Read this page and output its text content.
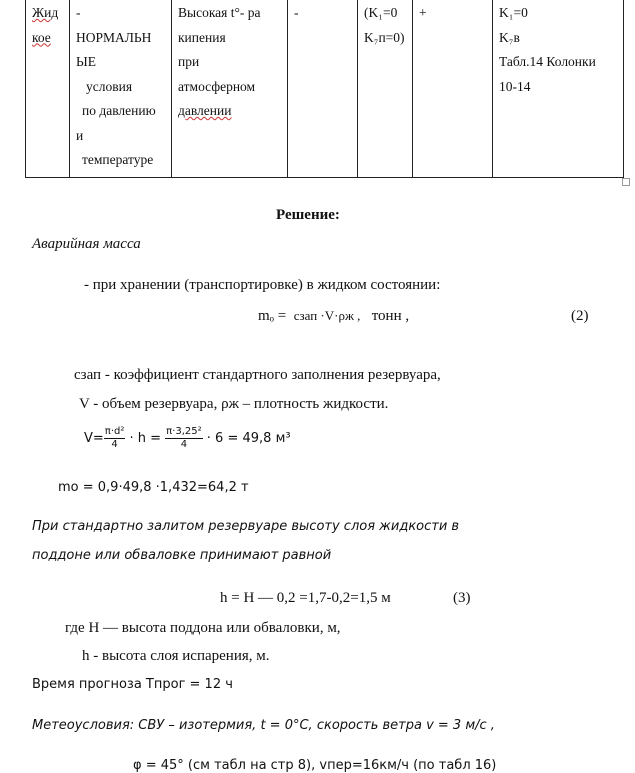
Жид
кое

-
НОРМАЛЬН
ЫЕ
условия
по давлению
и
температуре

Высокая t°- ра
кипения при
атмосферном
давлении	
-	(K₁=0
K₇п=0)

+	K₁=0
K₇в
Табл.14 Колонки
10-14
Решение:
Аварийная масса
- при хранении (транспортировке) в жидком состоянии:
mₒ = cзап ·V·ρж , тонн ,	(2)
cзап - коэффициент стандартного заполнения резервуара,
V - объем резервуара, ρж – плотность жидкости.
$V= \frac{\text{π·d²}}{4} \cdot h = \frac{\text{π·3,25²}}{4} \cdot 6 = 49,8$ м³
mo = 0,9·49,8 ·1,432=64,2 т
При стандартно залитом резервуаре высоту слоя жидкости в
поддоне или обваловке принимают равной
h = H — 0,2 =1,7-0,2=1,5 м	(3)
где H — высота поддона или обваловки, м,
h - высота слоя испарения, м.
Время прогноза Тпрог = 12 ч
Метеоусловия: СВУ – изотермия, t = 0°C, скорость ветра v = 3 м/с ,
φ = 45° (см табл на стр 8), vпер=16км/ч (по табл 16)
